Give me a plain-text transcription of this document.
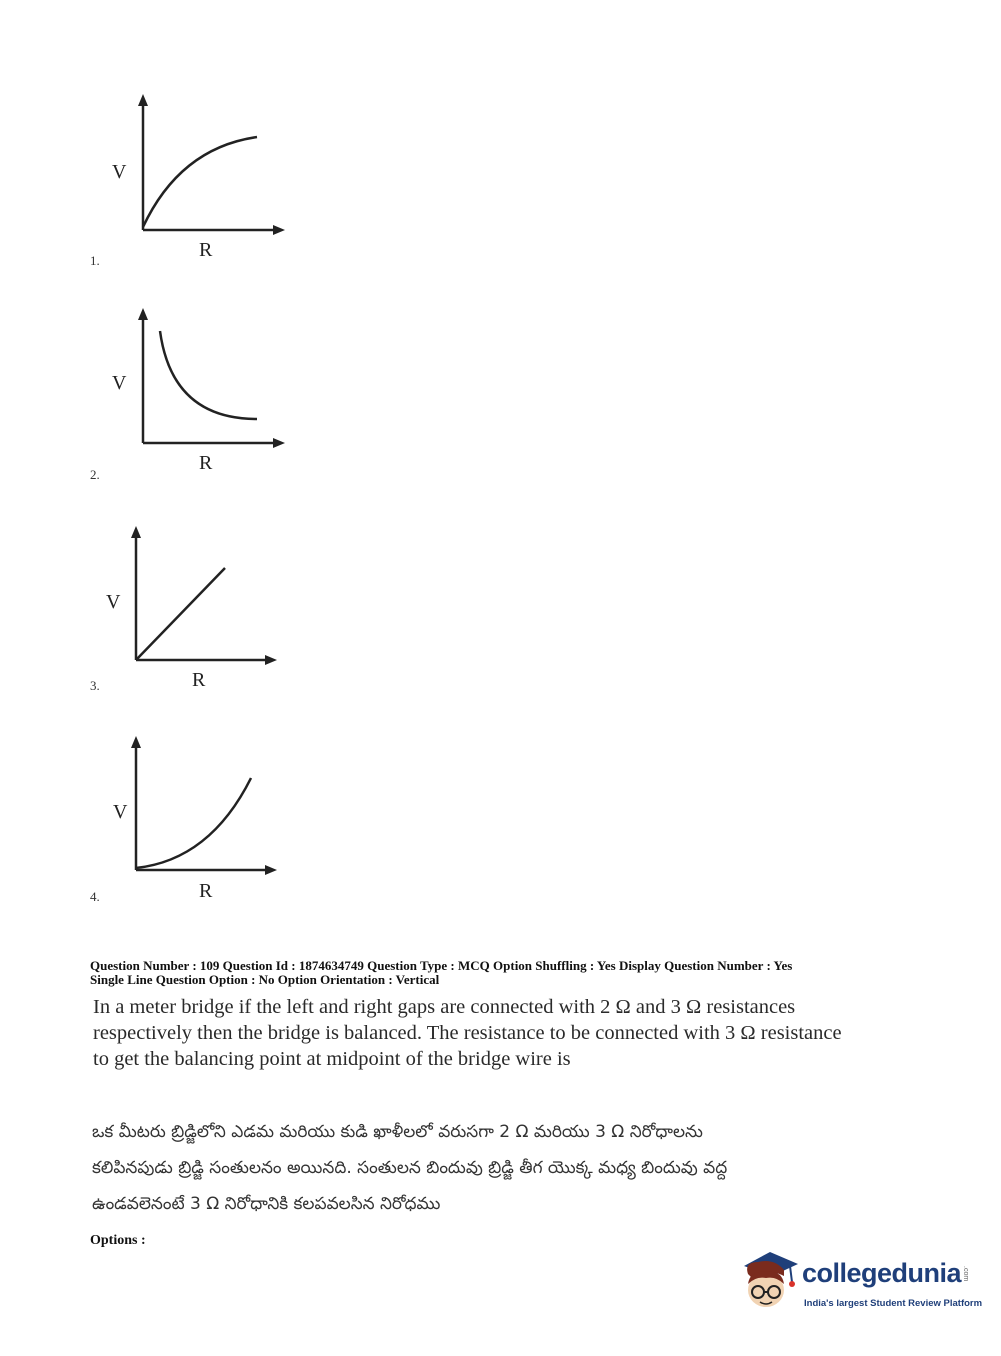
V
R
1.
V
R
2.
V
R
3.
V
R
4.
Question Number : 109 Question Id : 1874634749 Question Type : MCQ Option Shuffling : Yes Display Question Number : Yes
Single Line Question Option : No Option Orientation : Vertical
In a meter bridge if the left and right gaps are connected with 2 Ω and 3 Ω resistances
respectively then the bridge is balanced. The resistance to be connected with 3 Ω resistance
to get the balancing point at midpoint of the bridge wire is
ఒక మీటరు బ్రిడ్జిలోని ఎడమ మరియు కుడి ఖాళీలలో వరుసగా 2 Ω మరియు 3 Ω నిరోధాలను
కలిపినపుడు బ్రిడ్జి సంతులనం అయినది. సంతులన బిందువు బ్రిడ్జి తీగ యొక్క మధ్య బిందువు వద్ద
ఉండవలెనంటే 3 Ω నిరోధానికి కలపవలసిన నిరోధము
Options :
collegedunia .com
India's largest Student Review Platform
